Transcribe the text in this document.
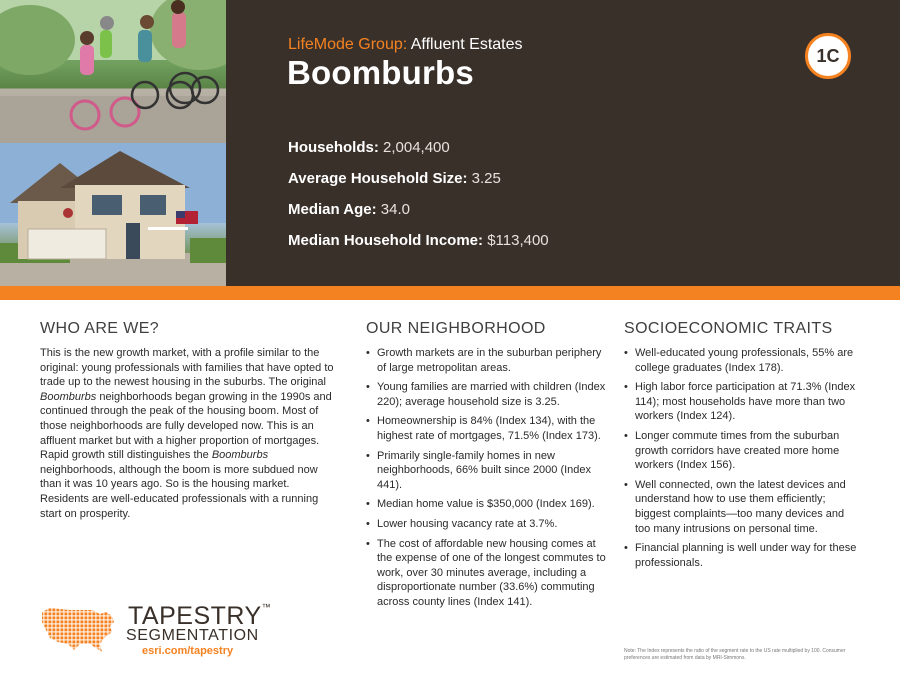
LifeMode Group: Affluent Estates
Boomburbs	1C
Households: 2,004,400
Average Household Size: 3.25
Median Age: 34.0
Median Household Income: $113,400
WHO ARE WE?

This is the new growth market, with a profile similar to the original: young professionals with families that have opted to trade up to the newest housing in the suburbs. The original Boomburbs neighborhoods began growing in the 1990s and continued through the peak of the housing boom. Most of those neighborhoods are fully developed now. This is an affluent market but with a higher proportion of mortgages. Rapid growth still distinguishes the Boomburbs neighborhoods, although the boom is more subdued now than it was 10 years ago. So is the housing market. Residents are well-educated professionals with a running start on prosperity.

OUR NEIGHBORHOOD
• Growth markets are in the suburban periphery of large metropolitan areas.
• Young families are married with children (Index 220); average household size is 3.25.
• Homeownership is 84% (Index 134), with the highest rate of mortgages, 71.5% (Index 173).
• Primarily single-family homes in new neighborhoods, 66% built since 2000 (Index 441).
• Median home value is $350,000 (Index 169).
• Lower housing vacancy rate at 3.7%.
• The cost of affordable new housing comes at the expense of one of the longest commutes to work, over 30 minutes average, including a disproportionate number (33.6%) commuting across county lines (Index 141).
SOCIOECONOMIC TRAITS
• Well-educated young professionals, 55% are college graduates (Index 178).
• High labor force participation at 71.3% (Index 114); most households have more than two workers (Index 124).
• Longer commute times from the suburban growth corridors have created more home workers (Index 156).
• Well connected, own the latest devices and understand how to use them efficiently; biggest complaints—too many devices and too many intrusions on personal time.
• Financial planning is well under way for these professionals.
TAPESTRY™
SEGMENTATION
esri.com/tapestry	Note: The Index represents the ratio of the segment rate to the US rate multiplied by 100. Consumer preferences are estimated from data by MRI-Simmons.
